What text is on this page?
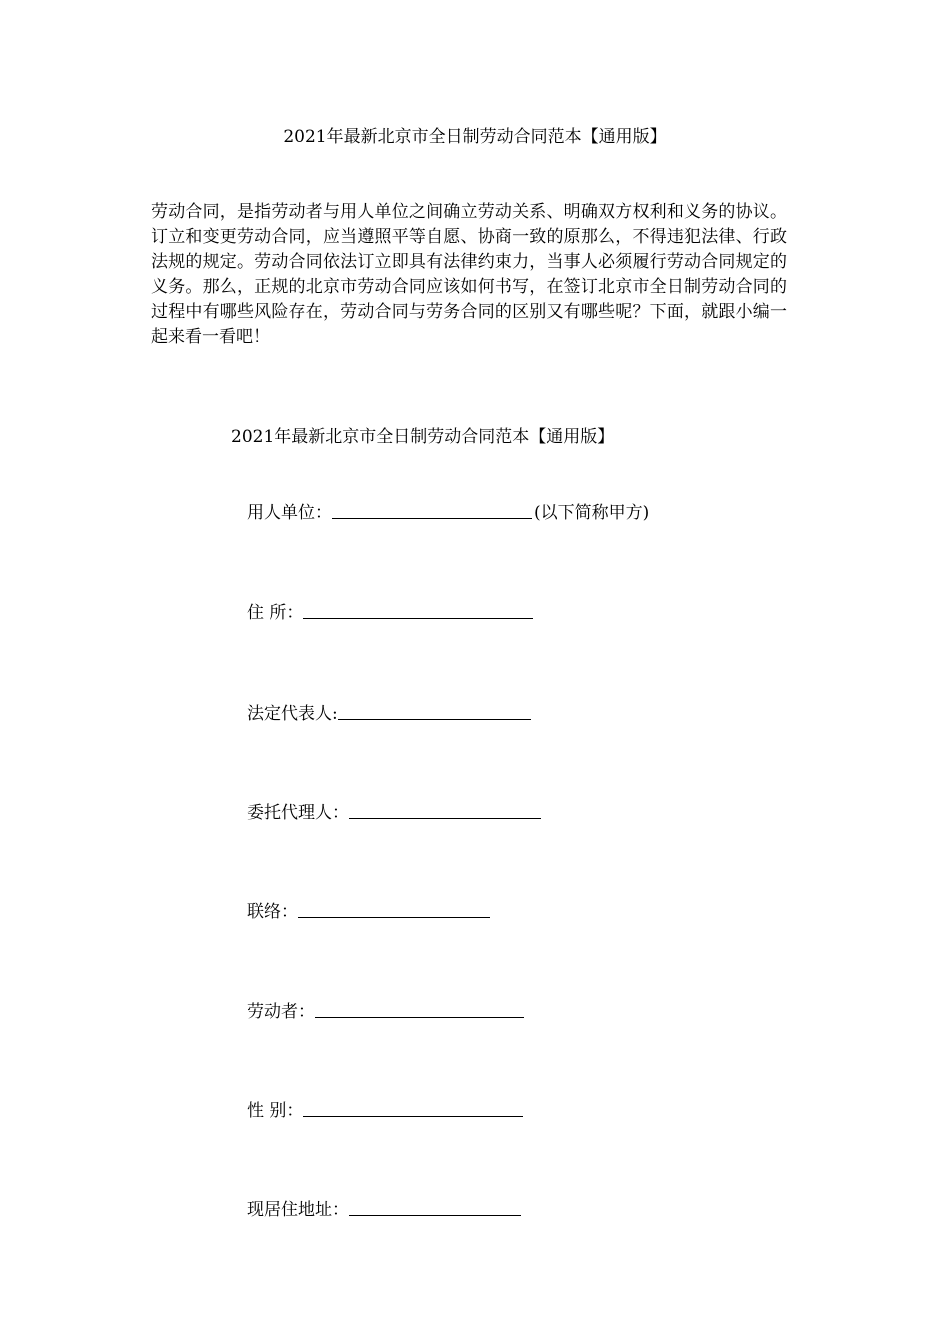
2021年最新北京市全日制劳动合同范本【通用版】

劳动合同，是指劳动者与用人单位之间确立劳动关系、明确双方权利和义务的协议。订立和变更劳动合同，应当遵照平等自愿、协商一致的原那么，不得违犯法律、行政法规的规定。劳动合同依法订立即具有法律约束力，当事人必须履行劳动合同规定的义务。那么，正规的北京市劳动合同应该如何书写，在签订北京市全日制劳动合同的过程中有哪些风险存在，劳动合同与劳务合同的区别又有哪些呢？下面，就跟小编一起来看一看吧！

2021年最新北京市全日制劳动合同范本【通用版】
用人单位：	(以下简称甲方)
住 所：
法定代表人:
委托代理人：
联络：
劳动者：
性 别：
现居住地址：
